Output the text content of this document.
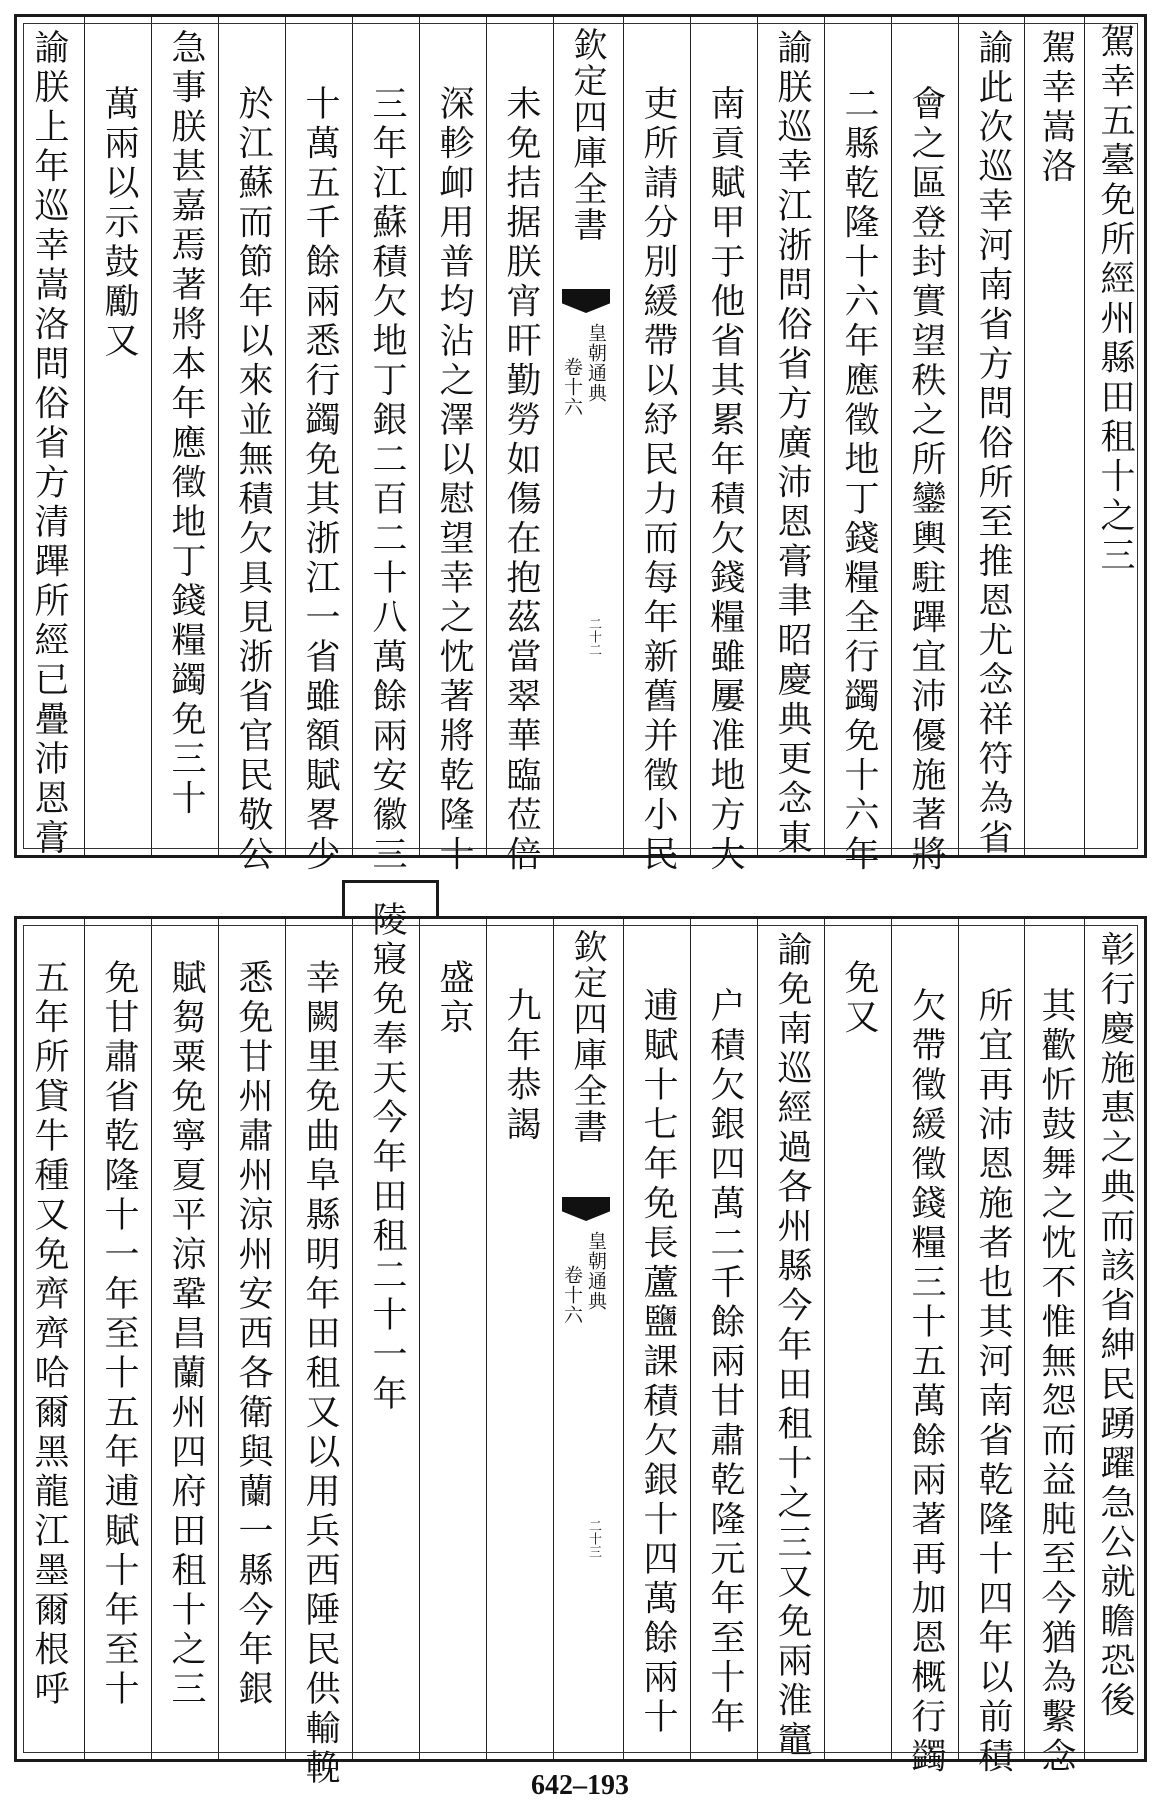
諭朕上年巡幸嵩洛問俗省方清蹕所經已疊沛恩膏 萬兩以示鼓勵又 急事朕甚嘉焉著將本年應徵地丁錢糧蠲免三十 於江蘇而節年以來並無積欠具見浙省官民敬公 十萬五千餘兩悉行蠲免其浙江一省雖額賦畧少 三年江蘇積欠地丁銀二百二十八萬餘兩安徽三 深軫卹用普均沾之澤以慰望幸之忱著將乾隆十 未免拮据朕宵旰勤勞如傷在抱茲當翠華臨莅倍 欽定四庫全書
皇朝通典
卷十六
二十二 吏所請分別緩帶以紓民力而每年新舊并徵小民 南貢賦甲于他省其累年積欠錢糧雖屢准地方大 諭朕巡幸江浙問俗省方廣沛恩膏聿昭慶典更念東 二縣乾隆十六年應徵地丁錢糧全行蠲免十六年 會之區登封實望秩之所鑾輿駐蹕宜沛優施著將 諭此次巡幸河南省方問俗所至推恩尤念祥符為省 駕幸嵩洛 駕幸五臺免所經州縣田租十之三
五年所貸牛種又免齊齊哈爾黑龍江墨爾根呼 免甘肅省乾隆十一年至十五年逋賦十年至十 賦芻粟免寧夏平涼鞏昌蘭州四府田租十之三 悉免甘州肅州涼州安西各衛與蘭一縣今年銀 幸闕里免曲阜縣明年田租又以用兵西陲民供輸輓 陵寢免奉天今年田租二十一年 盛京 九年恭謁 欽定四庫全書
皇朝通典
卷十六
二十三 逋賦十七年免長蘆鹽課積欠銀十四萬餘兩十 户積欠銀四萬二千餘兩甘肅乾隆元年至十年 諭免南巡經過各州縣今年田租十之三又免兩淮竈 免又 欠帶徵緩徵錢糧三十五萬餘兩著再加恩概行蠲 所宜再沛恩施者也其河南省乾隆十四年以前積 其歡忻鼓舞之忱不惟無怨而益肫至今猶為繫念 彰行慶施惠之典而該省紳民踴躍急公就瞻恐後
642–193
